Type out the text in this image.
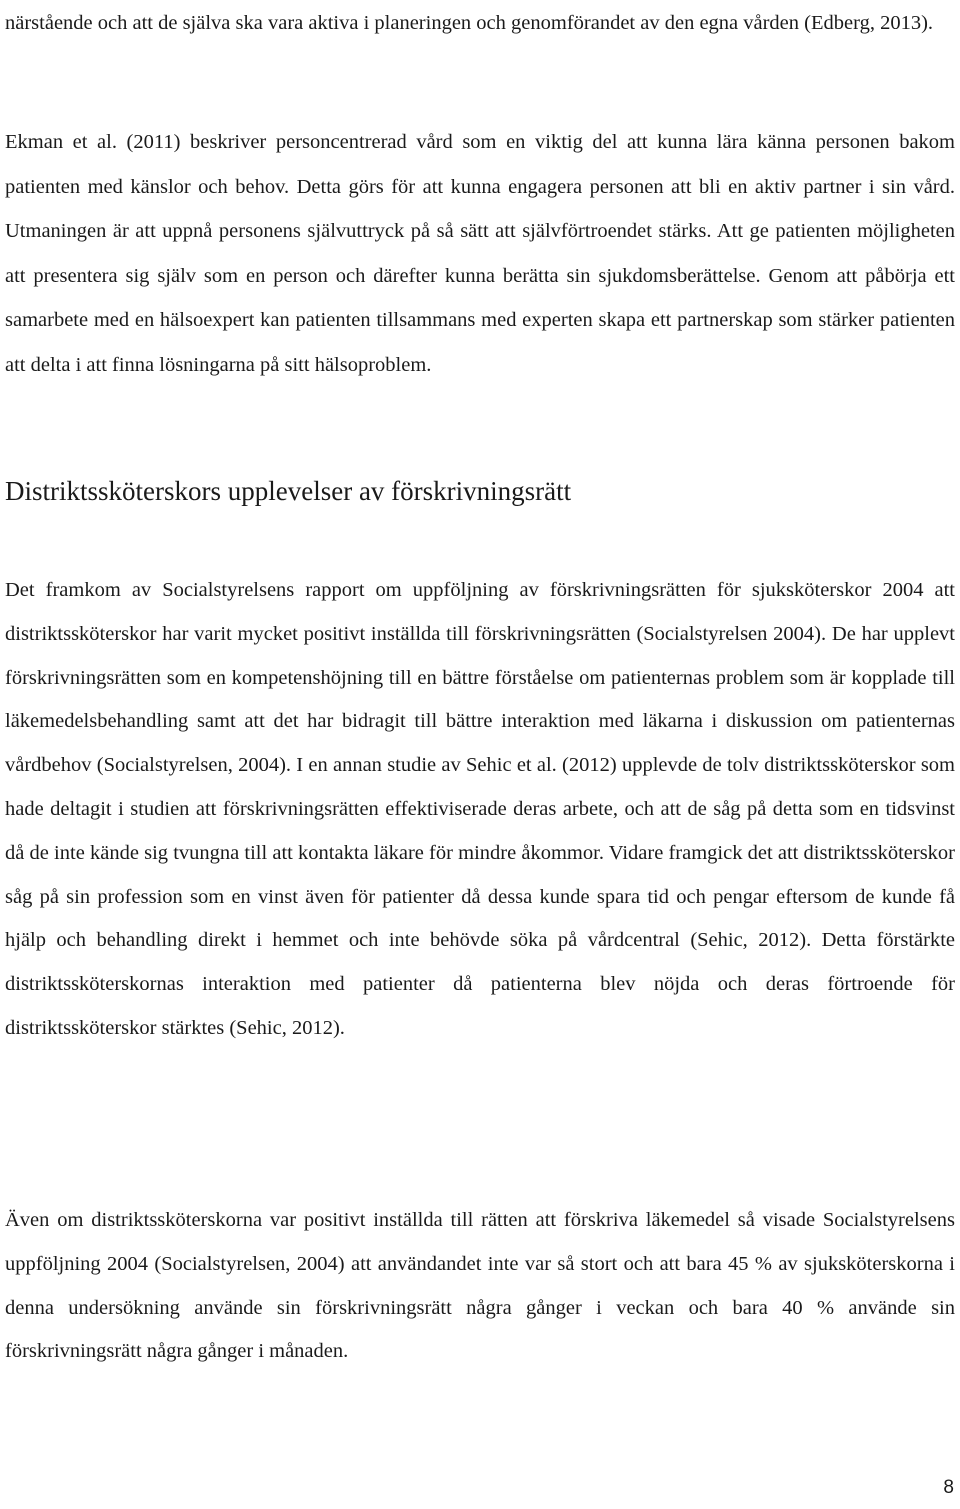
närstående och att de själva ska vara aktiva i planeringen och genomförandet av den egna vården (Edberg, 2013).

Ekman et al. (2011) beskriver personcentrerad vård som en viktig del att kunna lära känna personen bakom patienten med känslor och behov. Detta görs för att kunna engagera personen att bli en aktiv partner i sin vård. Utmaningen är att uppnå personens självuttryck på så sätt att självförtroendet stärks. Att ge patienten möjligheten att presentera sig själv som en person och därefter kunna berätta sin sjukdomsberättelse. Genom att påbörja ett samarbete med en hälsoexpert kan patienten tillsammans med experten skapa ett partnerskap som stärker patienten att delta i att finna lösningarna på sitt hälsoproblem.

Distriktssköterskors upplevelser av förskrivningsrätt

Det framkom av Socialstyrelsens rapport om uppföljning av förskrivningsrätten för sjuksköterskor 2004 att distriktssköterskor har varit mycket positivt inställda till förskrivningsrätten (Socialstyrelsen 2004). De har upplevt förskrivningsrätten som en kompetenshöjning till en bättre förståelse om patienternas problem som är kopplade till läkemedelsbehandling samt att det har bidragit till bättre interaktion med läkarna i diskussion om patienternas vårdbehov (Socialstyrelsen, 2004). I en annan studie av Sehic et al. (2012) upplevde de tolv distriktssköterskor som hade deltagit i studien att förskrivningsrätten effektiviserade deras arbete, och att de såg på detta som en tidsvinst då de inte kände sig tvungna till att kontakta läkare för mindre åkommor. Vidare framgick det att distriktssköterskor såg på sin profession som en vinst även för patienter då dessa kunde spara tid och pengar eftersom de kunde få hjälp och behandling direkt i hemmet och inte behövde söka på vårdcentral (Sehic, 2012). Detta förstärkte distriktssköterskornas interaktion med patienter då patienterna blev nöjda och deras förtroende för distriktssköterskor stärktes (Sehic, 2012).

Även om distriktssköterskorna var positivt inställda till rätten att förskriva läkemedel så visade Socialstyrelsens uppföljning 2004 (Socialstyrelsen, 2004) att användandet inte var så stort och att bara 45 % av sjuksköterskorna i denna undersökning använde sin förskrivningsrätt några gånger i veckan och bara 40 % använde sin förskrivningsrätt några gånger i månaden.

8
